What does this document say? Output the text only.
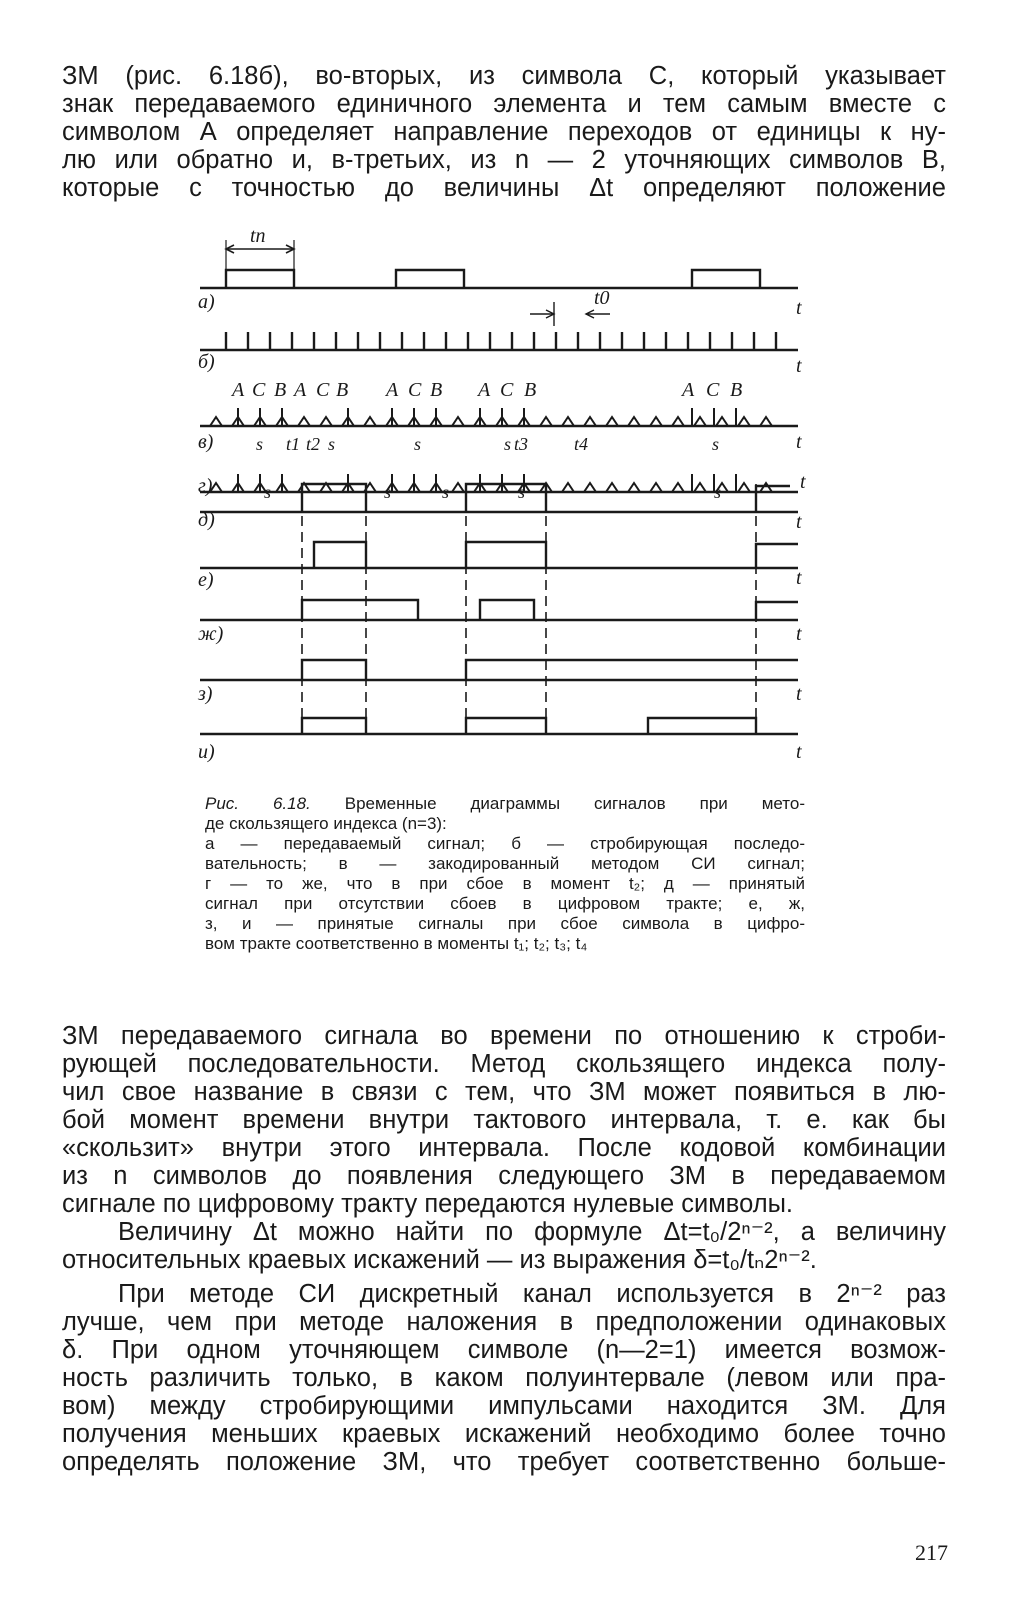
ЗМ (рис. 6.18б), во-вторых, из символа С, который указывает
знак передаваемого единичного элемента и тем самым вместе с
символом А определяет направление переходов от единицы к ну-
лю или обратно и, в-третьих, из n — 2 уточняющих символов В,
которые с точностью до величины Δt определяют положение
а)
б)
в)
г)
д)
е)
ж)
з)
и)
t
t
t
t
t
t
t
t
t
tп
t0
А С В А С В А С В А С В	А С В
s	s	s	s	s
s	s	s	s	s
t1 t2	t3	t4
Рис. 6.18. Временные диаграммы сигналов при мето-
де скользящего индекса (n=3):
а — передаваемый сигнал; б — стробирующая последо-
вательность; в — закодированный методом СИ сигнал;
г — то же, что в при сбое в момент t₂; д — принятый
сигнал при отсутствии сбоев в цифровом тракте; е, ж,
з, и — принятые сигналы при сбое символа в цифро-
вом тракте соответственно в моменты t₁; t₂; t₃; t₄
ЗМ передаваемого сигнала во времени по отношению к строби-
рующей последовательности. Метод скользящего индекса полу-
чил свое название в связи с тем, что ЗМ может появиться в лю-
бой момент времени внутри тактового интервала, т. е. как бы
«скользит» внутри этого интервала. После кодовой комбинации
из n символов до появления следующего ЗМ в передаваемом
сигнале по цифровому тракту передаются нулевые символы.
Величину Δt можно найти по формуле Δt=t₀/2ⁿ⁻², а величину
относительных краевых искажений — из выражения δ=t₀/tₙ2ⁿ⁻².
При методе СИ дискретный канал используется в 2ⁿ⁻² раз
лучше, чем при методе наложения в предположении одинаковых
δ. При одном уточняющем символе (n—2=1) имеется возмож-
ность различить только, в каком полуинтервале (левом или пра-
вом) между стробирующими импульсами находится ЗМ. Для
получения меньших краевых искажений необходимо более точно
определять положение ЗМ, что требует соответственно больше-
217
